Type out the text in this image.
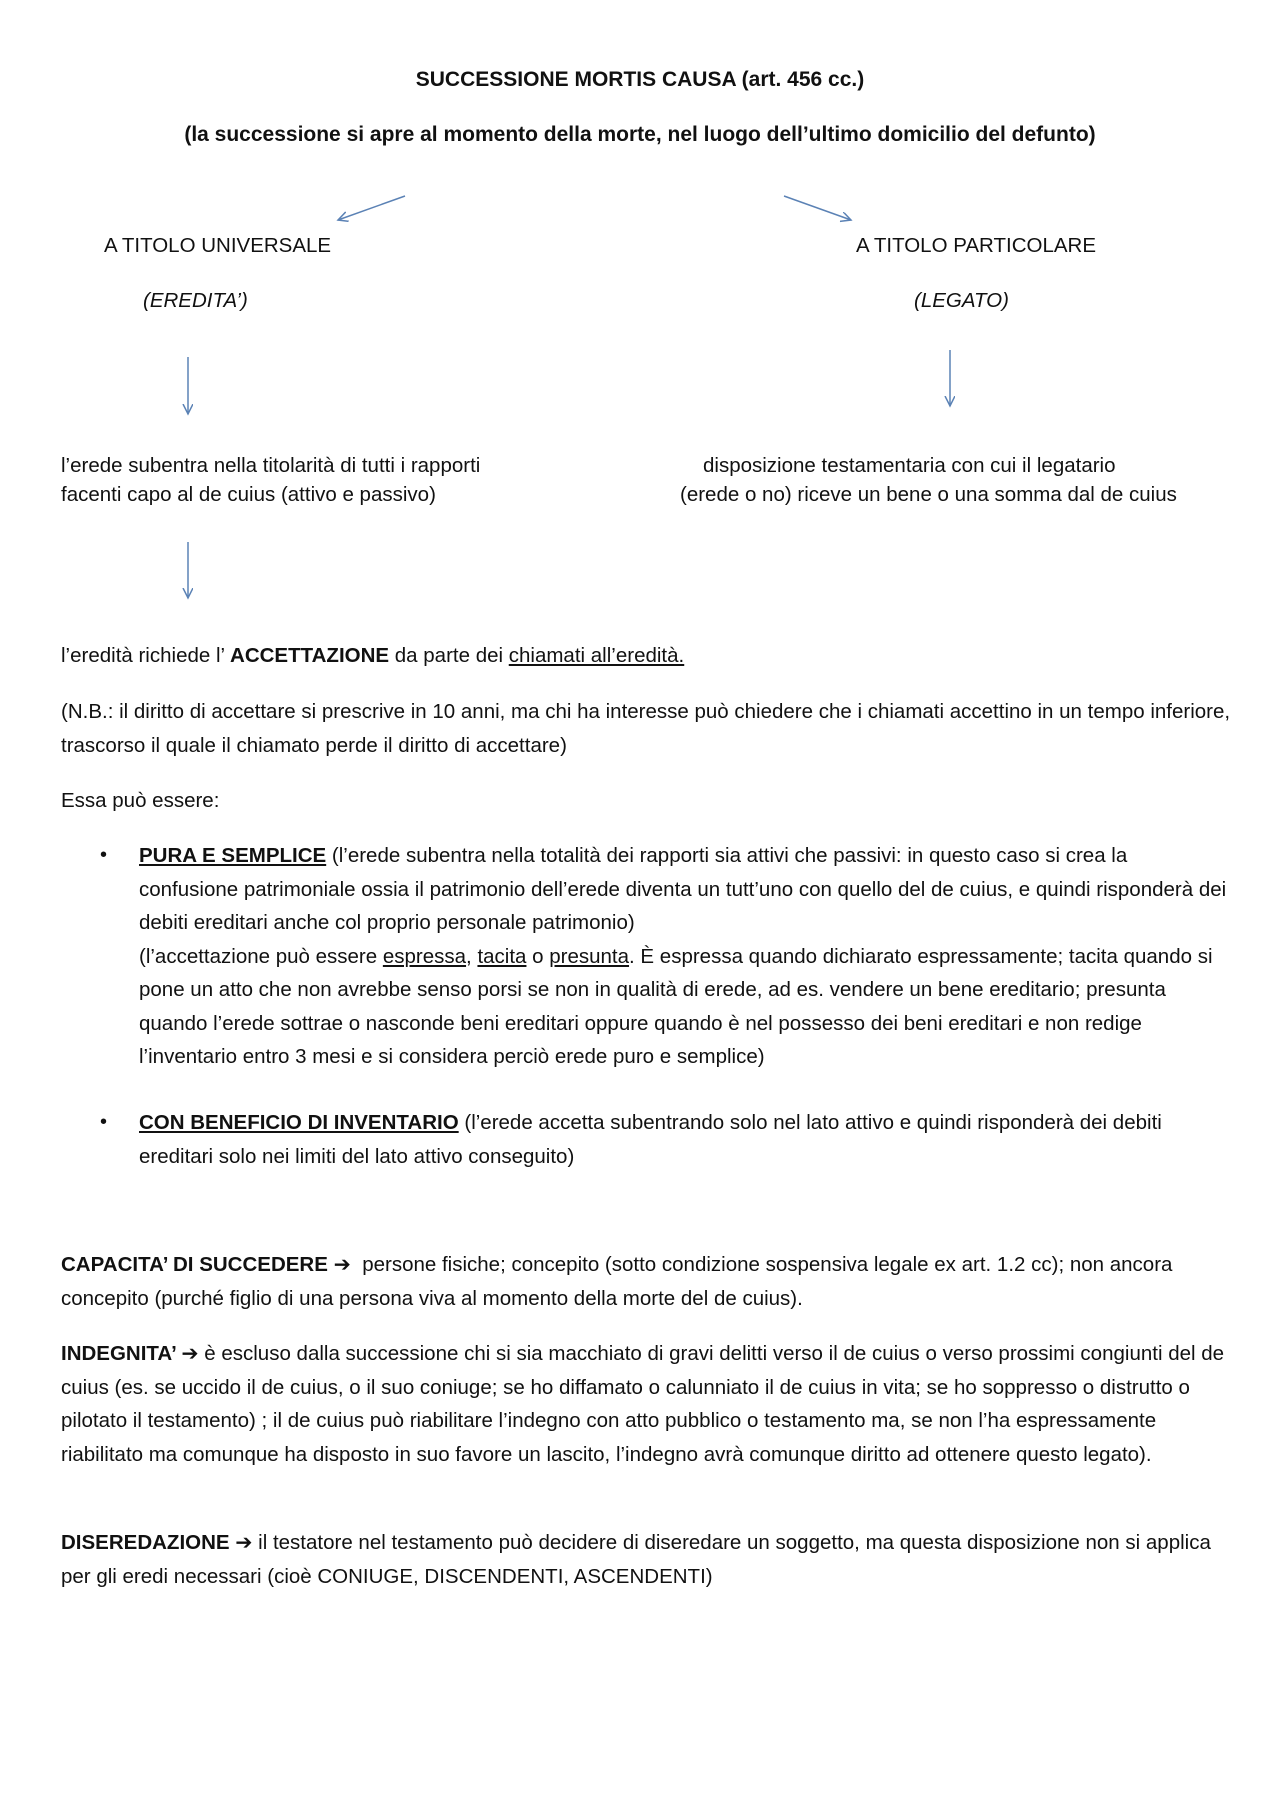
SUCCESSIONE MORTIS CAUSA (art. 456 cc.)
(la successione si apre al momento della morte, nel luogo dell’ultimo domicilio del defunto)
A TITOLO UNIVERSALE
(EREDITA’)
l’erede subentra nella titolarità di tutti i rapporti
facenti capo al de cuius (attivo e passivo)
A TITOLO PARTICOLARE
(LEGATO)
disposizione testamentaria con cui il legatario
(erede o no) riceve un bene o una somma dal de cuius
l’eredità richiede l’ ACCETTAZIONE da parte dei chiamati all’eredità.
(N.B.: il diritto di accettare si prescrive in 10 anni, ma chi ha interesse può chiedere che i chiamati accettino in un tempo inferiore, trascorso il quale il chiamato perde il diritto di accettare)
Essa può essere:
• PURA E SEMPLICE (l’erede subentra nella totalità dei rapporti sia attivi che passivi: in questo caso si crea la confusione patrimoniale ossia il patrimonio dell’erede diventa un tutt’uno con quello del de cuius, e quindi risponderà dei debiti ereditari anche col proprio personale patrimonio)
(l’accettazione può essere espressa, tacita o presunta. È espressa quando dichiarato espressamente; tacita quando si pone un atto che non avrebbe senso porsi se non in qualità di erede, ad es. vendere un bene ereditario; presunta quando l’erede sottrae o nasconde beni ereditari oppure quando è nel possesso dei beni ereditari e non redige l’inventario entro 3 mesi e si considera perciò erede puro e semplice)
• CON BENEFICIO DI INVENTARIO (l’erede accetta subentrando solo nel lato attivo e quindi risponderà dei debiti ereditari solo nei limiti del lato attivo conseguito)
CAPACITA’ DI SUCCEDERE ➔  persone fisiche; concepito (sotto condizione sospensiva legale ex art. 1.2 cc); non ancora concepito (purché figlio di una persona viva al momento della morte del de cuius).
INDEGNITA’ ➔ è escluso dalla successione chi si sia macchiato di gravi delitti verso il de cuius o verso prossimi congiunti del de cuius (es. se uccido il de cuius, o il suo coniuge; se ho diffamato o calunniato il de cuius in vita; se ho soppresso o distrutto o pilotato il testamento) ; il de cuius può riabilitare l’indegno con atto pubblico o testamento ma, se non l’ha espressamente riabilitato ma comunque ha disposto in suo favore un lascito, l’indegno avrà comunque diritto ad ottenere questo legato).
DISEREDAZIONE ➔ il testatore nel testamento può decidere di diseredare un soggetto, ma questa disposizione non si applica per gli eredi necessari (cioè CONIUGE, DISCENDENTI, ASCENDENTI)
